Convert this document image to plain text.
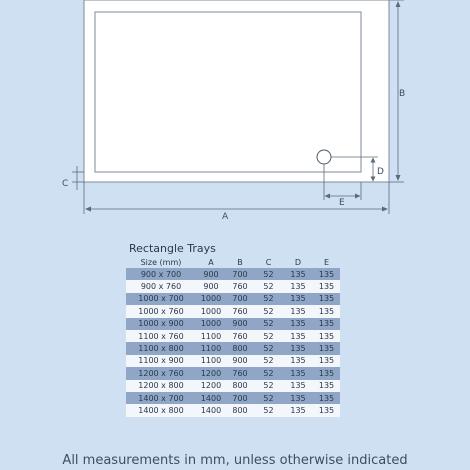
B
A
C
D
E
Rectangle Trays
Size (mm)	A	B	C	D	E
900 x 700	900	700	52	135	135
900 x 760	900	760	52	135	135
1000 x 700	1000	700	52	135	135
1000 x 760	1000	760	52	135	135
1000 x 900	1000	900	52	135	135
1100 x 760	1100	760	52	135	135
1100 x 800	1100	800	52	135	135
1100 x 900	1100	900	52	135	135
1200 x 760	1200	760	52	135	135
1200 x 800	1200	800	52	135	135
1400 x 700	1400	700	52	135	135
1400 x 800	1400	800	52	135	135
All measurements in mm, unless otherwise indicated
